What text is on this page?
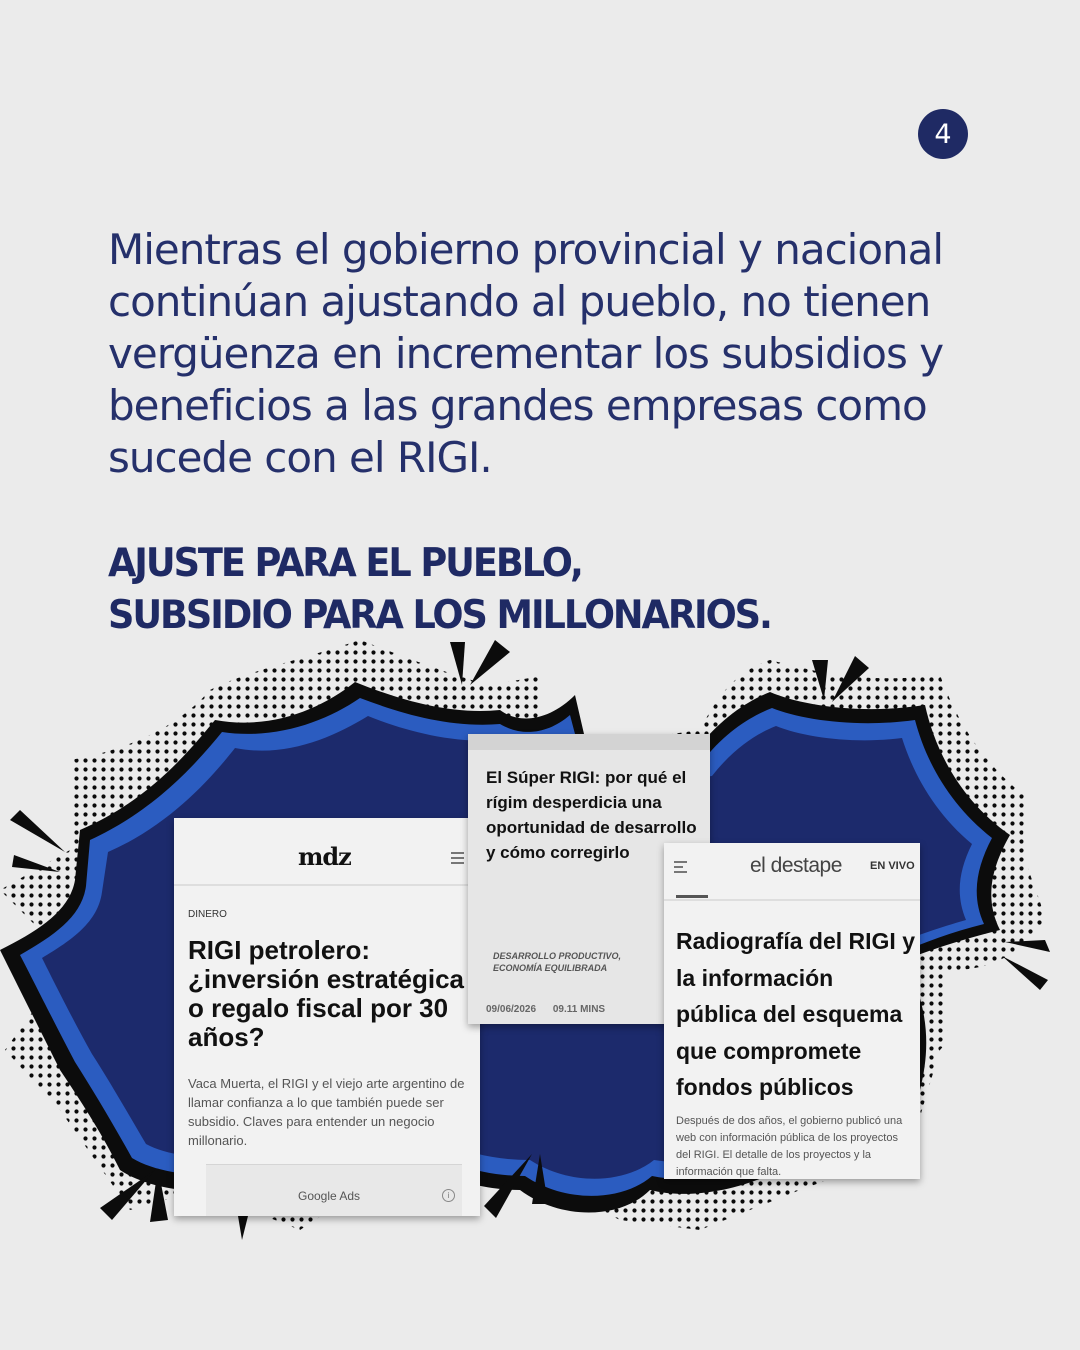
4

Mientras el gobierno provincial y nacional continúan ajustando al pueblo, no tienen vergüenza en incrementar los subsidios y beneficios a las grandes empresas como sucede con el RIGI.

AJUSTE PARA EL PUEBLO,
SUBSIDIO PARA LOS MILLONARIOS.
mdz
DINERO
RIGI petrolero: ¿inversión estratégica o regalo fiscal por 30 años?

Vaca Muerta, el RIGI y el viejo arte argentino de llamar confianza a lo que también puede ser subsidio. Claves para entender un negocio millonario.

Google Ads	i
El Súper RIGI: por qué el rígim desperdicia una oportunidad de desarrollo y cómo corregirlo
DESARROLLO PRODUCTIVO,
ECONOMÍA EQUILIBRADA
09/06/2026 09.11 MINS
el destape	EN VIVO
Radiografía del RIGI y la información pública del esquema que compromete fondos públicos

Después de dos años, el gobierno publicó una web con información pública de los proyectos del RIGI. El detalle de los proyectos y la información que falta.
